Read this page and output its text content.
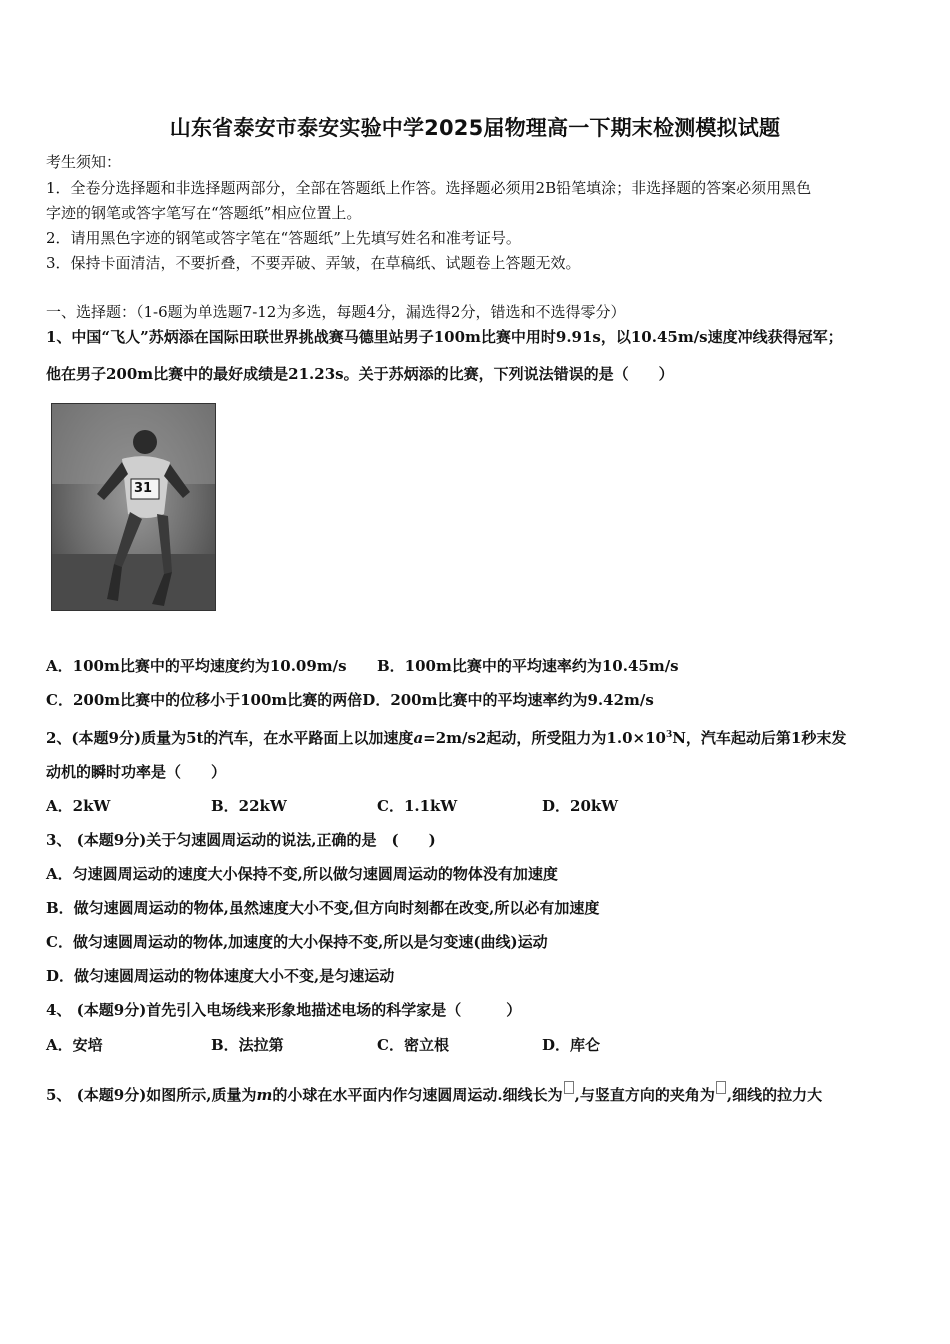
山东省泰安市泰安实验中学2025届物理高一下期末检测模拟试题
考生须知：
1．全卷分选择题和非选择题两部分，全部在答题纸上作答。选择题必须用2B铅笔填涂；非选择题的答案必须用黑色
字迹的钢笔或答字笔写在“答题纸”相应位置上。
2．请用黑色字迹的钢笔或答字笔在“答题纸”上先填写姓名和准考证号。
3．保持卡面清洁，不要折叠，不要弄破、弄皱，在草稿纸、试题卷上答题无效。
一、选择题：（1-6题为单选题7-12为多选，每题4分，漏选得2分，错选和不选得零分）
1、中国“飞人”苏炳添在国际田联世界挑战赛马德里站男子100m比赛中用时9.91s，以10.45m/s速度冲线获得冠军；
他在男子200m比赛中的最好成绩是21.23s。关于苏炳添的比赛，下列说法错误的是（　　）
31
A．100m比赛中的平均速度约为10.09m/s B．100m比赛中的平均速率约为10.45m/s
C．200m比赛中的位移小于100m比赛的两倍D．200m比赛中的平均速率约为9.42m/s
2、(本题9分)质量为5t的汽车，在水平路面上以加速度a=2m/s2起动，所受阻力为$1.0\times 10^3N$，汽车起动后第1秒末发
动机的瞬时功率是（　　）
A．2kW	B．22kW	C．1.1kW	D．20kW
3、 (本题9分)关于匀速圆周运动的说法,正确的是　(　　)
A．匀速圆周运动的速度大小保持不变,所以做匀速圆周运动的物体没有加速度
B．做匀速圆周运动的物体,虽然速度大小不变,但方向时刻都在改变,所以必有加速度
C．做匀速圆周运动的物体,加速度的大小保持不变,所以是匀变速(曲线)运动
D．做匀速圆周运动的物体速度大小不变,是匀速运动
4、 (本题9分)首先引入电场线来形象地描述电场的科学家是（　　　）
A．安培	B．法拉第	C．密立根	D．库仑
5、 (本题9分)如图所示,质量为m的小球在水平面内作匀速圆周运动.细线长为 ,与竖直方向的夹角为 ,细线的拉力大
